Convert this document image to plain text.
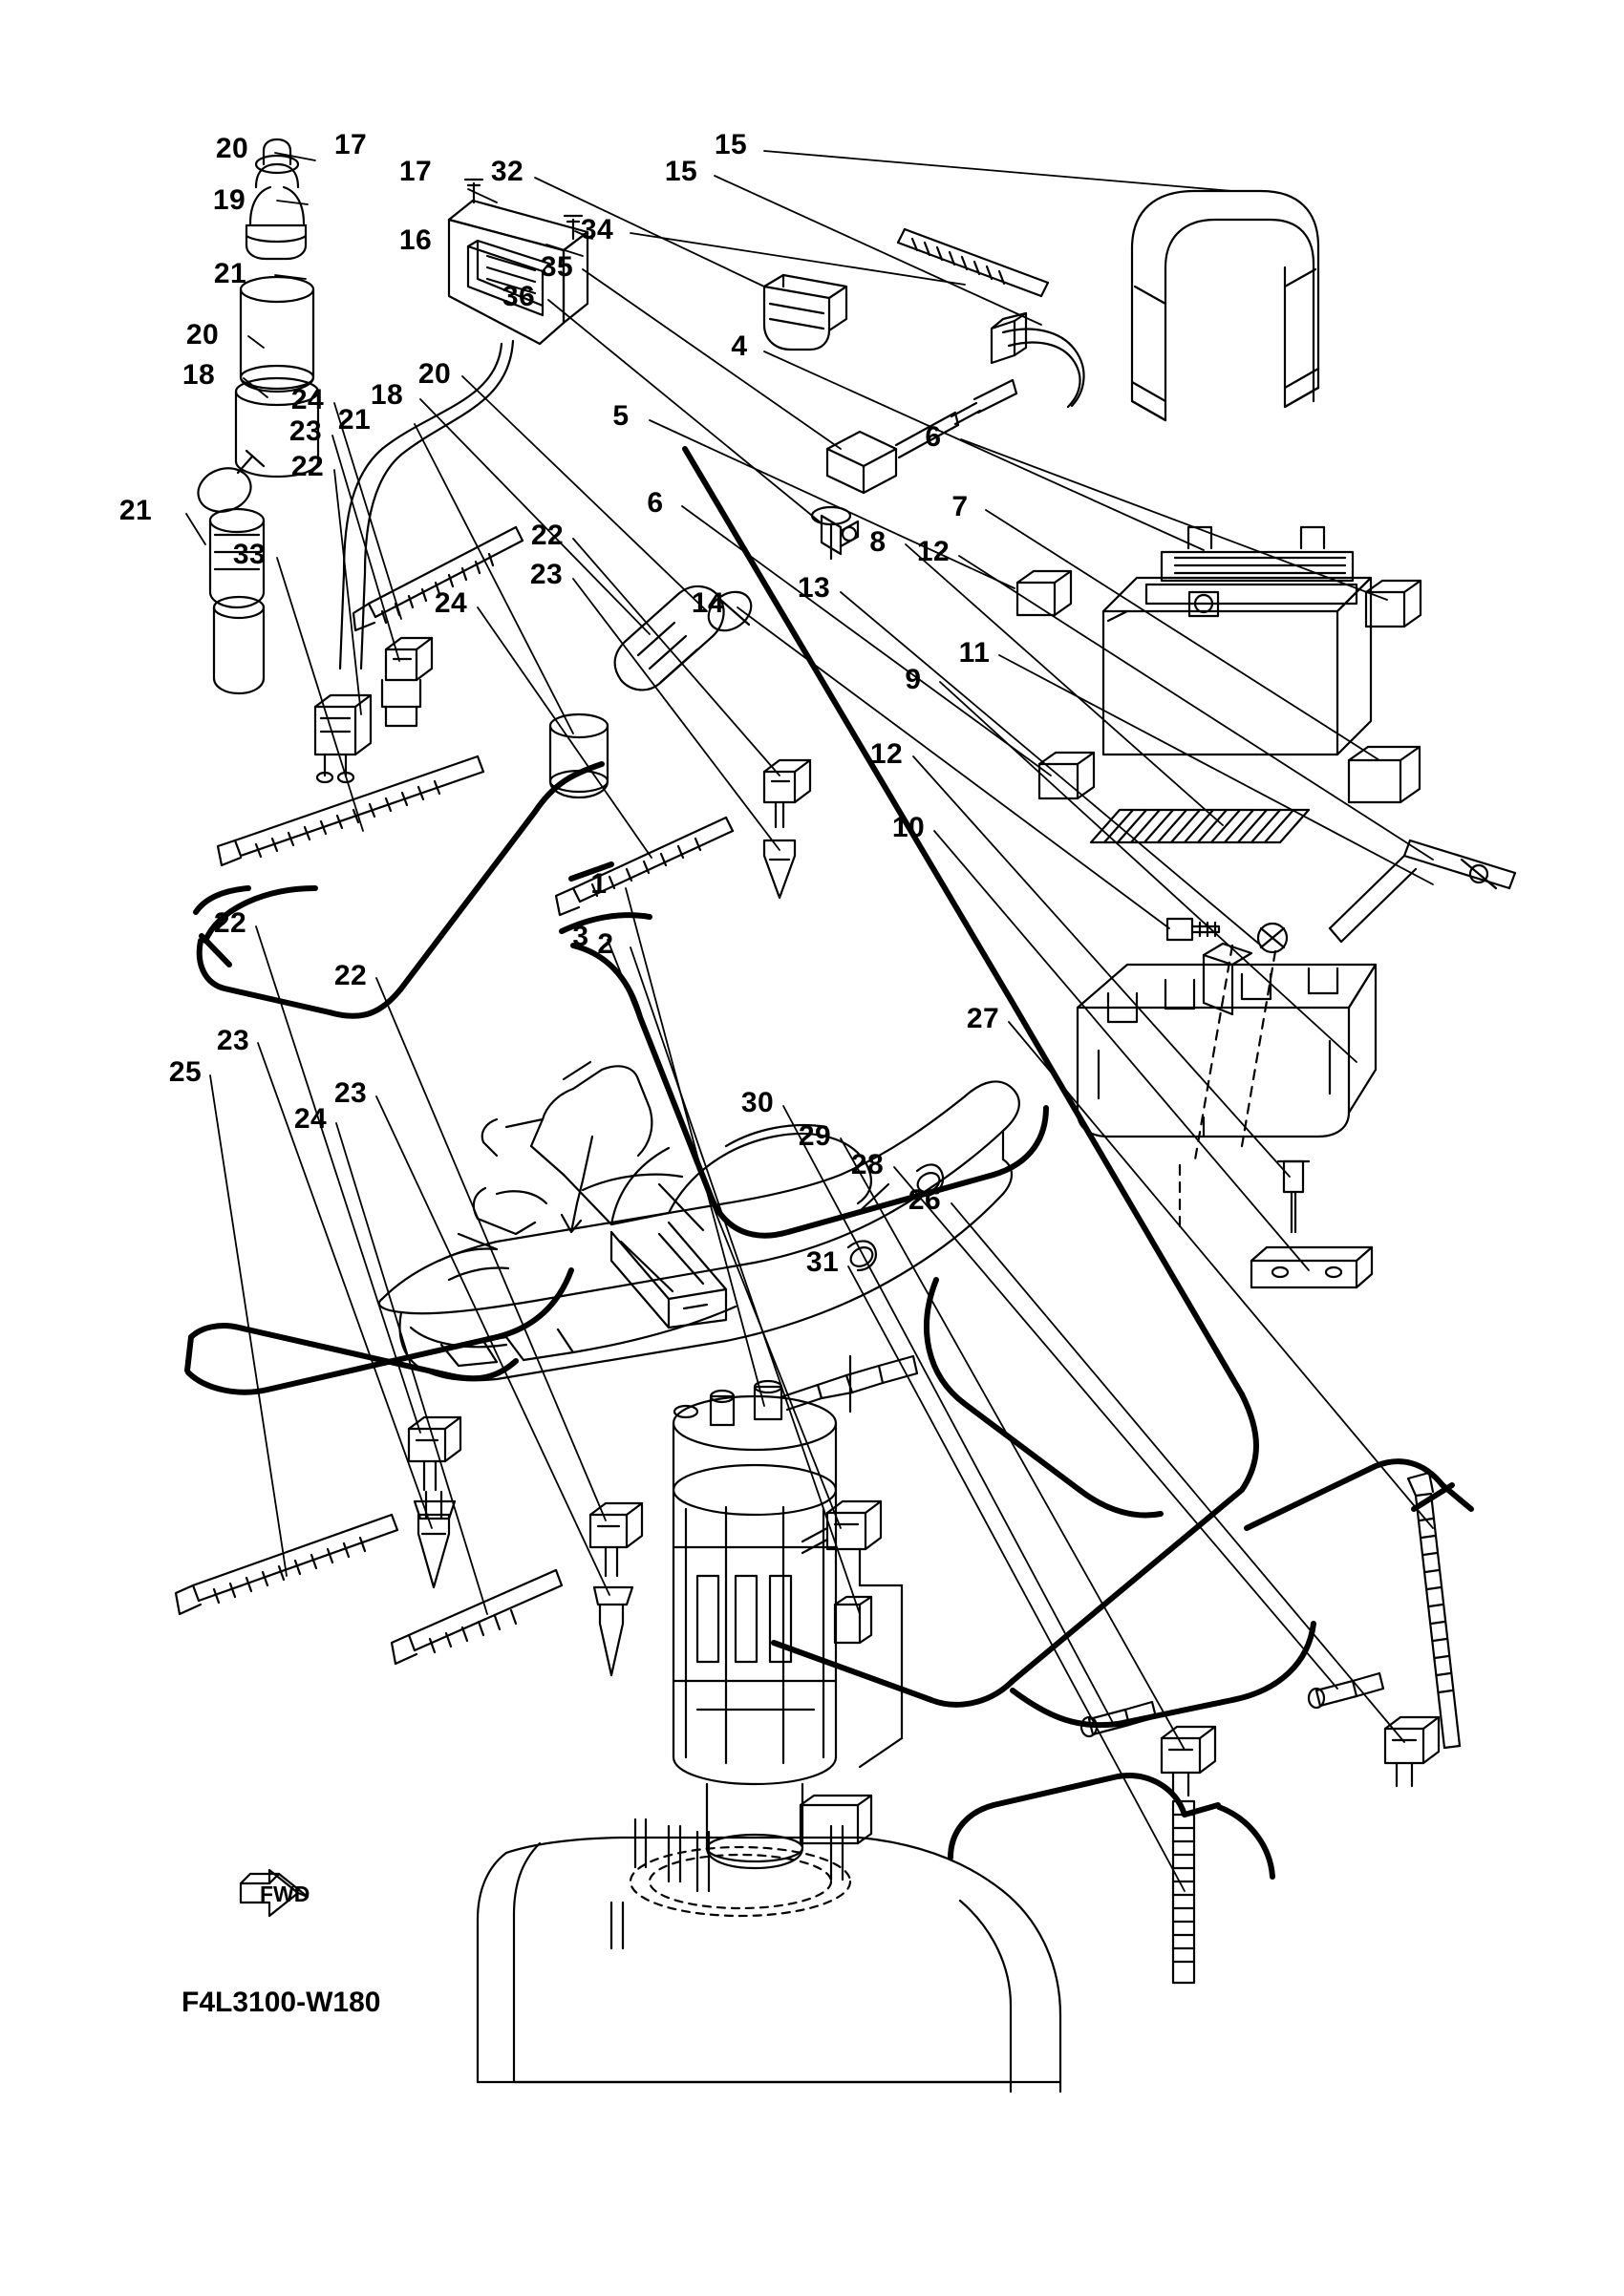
20	17
17 32
15
15
19
34
16
21	35
36
20	4
18	20
5
6
24 18
23 21
22
21	6	7
22	8
33	12
23
24	14	13
11
9
12
10
1
22	3 2
22
27
23
25
23
24
30
29
28
26
31
FWD
F4L3100-W180
